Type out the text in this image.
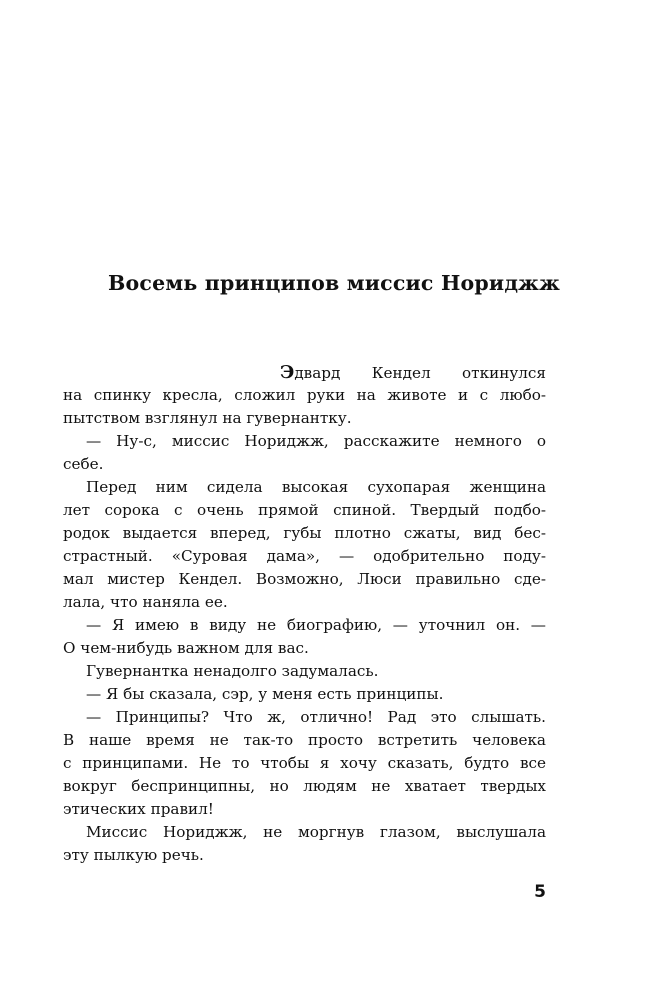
Восемь принципов миссис Нориджж
Эдвард Кендел откинулся
на спинку кресла, сложил руки на животе и с любо-
пытством взглянул на гувернантку.
— Ну-с, миссис Нориджж, расскажите немного о
себе.
Перед ним сидела высокая сухопарая женщина
лет сорока с очень прямой спиной. Твердый подбо-
родок выдается вперед, губы плотно сжаты, вид бес-
страстный. «Суровая дама», — одобрительно поду-
мал мистер Кендел. Возможно, Люси правильно сде-
лала, что наняла ее.
— Я имею в виду не биографию, — уточнил он. —
О чем-нибудь важном для вас.
Гувернантка ненадолго задумалась.
— Я бы сказала, сэр, у меня есть принципы.
— Принципы? Что ж, отлично! Рад это слышать.
В наше время не так-то просто встретить человека
с принципами. Не то чтобы я хочу сказать, будто все
вокруг беспринципны, но людям не хватает твердых
этических правил!
Миссис Нориджж, не моргнув глазом, выслушала
эту пылкую речь.
5
